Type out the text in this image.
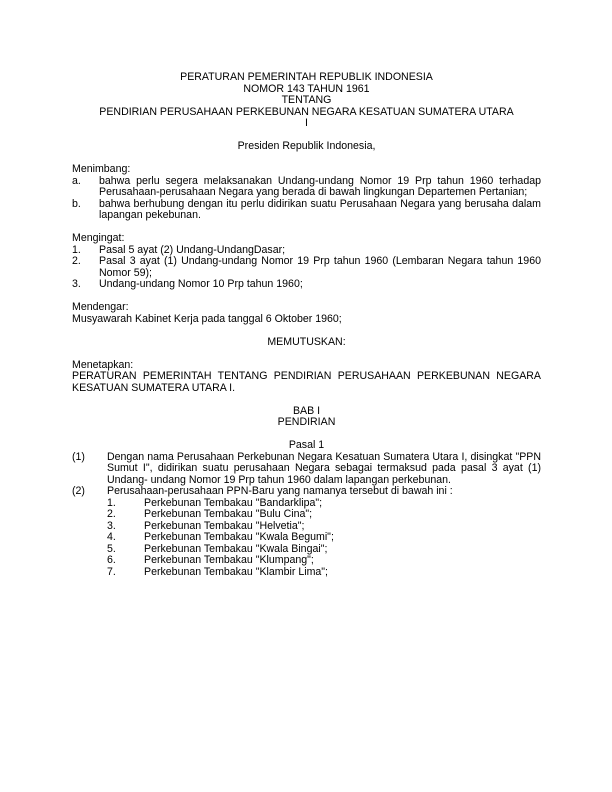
PERATURAN PEMERINTAH REPUBLIK INDONESIA
NOMOR 143 TAHUN 1961
TENTANG
PENDIRIAN PERUSAHAAN PERKEBUNAN NEGARA KESATUAN SUMATERA UTARA
I
Presiden Republik Indonesia,
Menimbang:
a.	bahwa perlu segera melaksanakan Undang-undang Nomor 19 Prp tahun 1960 terhadap Perusahaan-perusahaan Negara yang berada di bawah lingkungan Departemen Pertanian;
b.	bahwa berhubung dengan itu perlu didirikan suatu Perusahaan Negara yang berusaha dalam lapangan pekebunan.
Mengingat:
1.	Pasal 5 ayat (2) Undang-UndangDasar;
2.	Pasal 3 ayat (1) Undang-undang Nomor 19 Prp tahun 1960 (Lembaran Negara tahun 1960 Nomor 59);
3.	Undang-undang Nomor 10 Prp tahun 1960;
Mendengar:
Musyawarah Kabinet Kerja pada tanggal 6 Oktober 1960;
MEMUTUSKAN:
Menetapkan:
PERATURAN PEMERINTAH TENTANG PENDIRIAN PERUSAHAAN PERKEBUNAN NEGARA KESATUAN SUMATERA UTARA I.
BAB I
PENDIRIAN
Pasal 1
(1)	Dengan nama Perusahaan Perkebunan Negara Kesatuan Sumatera Utara I, disingkat "PPN Sumut I", didirikan suatu perusahaan Negara sebagai termaksud pada pasal 3 ayat (1) Undang- undang Nomor 19 Prp tahun 1960 dalam lapangan perkebunan.
(2)	Perusahaan-perusahaan PPN-Baru yang namanya tersebut di bawah ini :
1.	Perkebunan Tembakau "Bandarklipa";
2.	Perkebunan Tembakau "Bulu Cina";
3.	Perkebunan Tembakau "Helvetia";
4.	Perkebunan Tembakau "Kwala Begumi";
5.	Perkebunan Tembakau "Kwala Bingai";
6.	Perkebunan Tembakau "Klumpang";
7.	Perkebunan Tembakau "Klambir Lima";
